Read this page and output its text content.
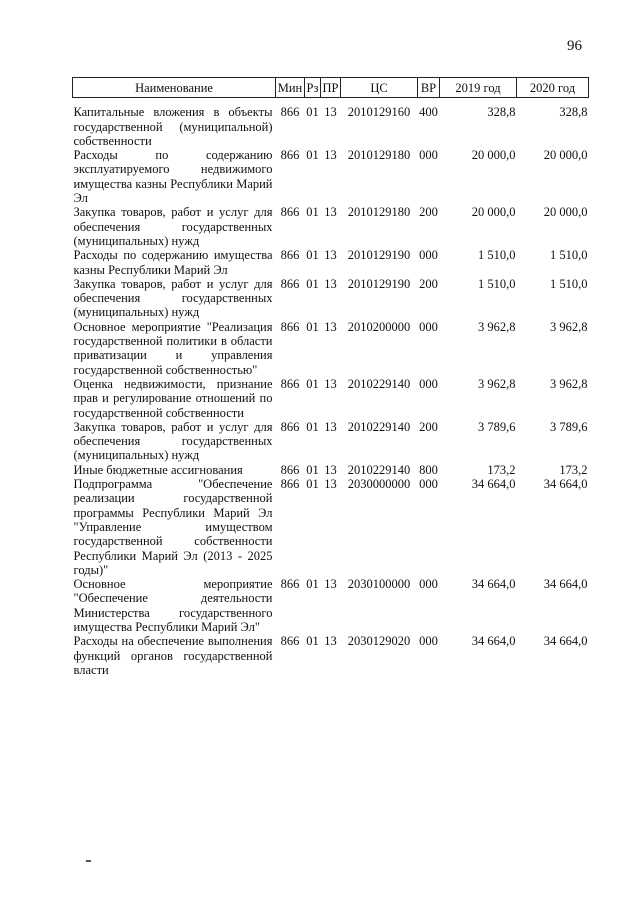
96
Наименование	Мин	Рз	ПР	ЦС	ВР	2019 год	2020 год
Капитальные вложения в объекты государственной (муниципальной) собственности	866	01	13	2010129160	400	328,8	328,8
Расходы по содержанию эксплуатируемого недвижимого имущества казны Республики Марий Эл	866	01	13	2010129180	000	20 000,0	20 000,0
Закупка товаров, работ и услуг для обеспечения государственных (муниципальных) нужд	866	01	13	2010129180	200	20 000,0	20 000,0
Расходы по содержанию имущества казны Республики Марий Эл	866	01	13	2010129190	000	1 510,0	1 510,0
Закупка товаров, работ и услуг для обеспечения государственных (муниципальных) нужд	866	01	13	2010129190	200	1 510,0	1 510,0
Основное мероприятие "Реализация государственной политики в области приватизации и управления государственной собственностью"	866	01	13	2010200000	000	3 962,8	3 962,8
Оценка недвижимости, признание прав и регулирование отношений по государственной собственности	866	01	13	2010229140	000	3 962,8	3 962,8
Закупка товаров, работ и услуг для обеспечения государственных (муниципальных) нужд	866	01	13	2010229140	200	3 789,6	3 789,6
Иные бюджетные ассигнования	866	01	13	2010229140	800	173,2	173,2
Подпрограмма "Обеспечение реализации государственной программы Республики Марий Эл "Управление имуществом государственной собственности Республики Марий Эл (2013 - 2025 годы)"	866	01	13	2030000000	000	34 664,0	34 664,0
Основное мероприятие "Обеспечение деятельности Министерства государственного имущества Республики Марий Эл"	866	01	13	2030100000	000	34 664,0	34 664,0
Расходы на обеспечение выполнения функций органов государственной власти	866	01	13	2030129020	000	34 664,0	34 664,0
